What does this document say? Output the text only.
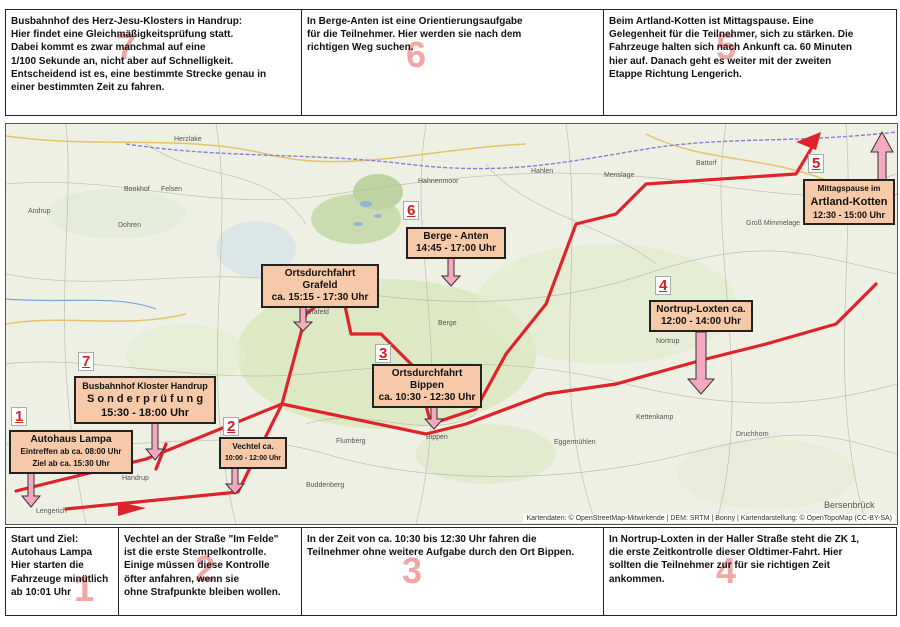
7
Busbahnhof des Herz-Jesu-Klosters in Handrup:
Hier findet eine Gleichmäßigkeitsprüfung statt.
Dabei kommt es zwar manchmal auf eine
1/100 Sekunde an, nicht aber auf Schnelligkeit.
Entscheidend ist es, eine bestimmte Strecke genau in
einer bestimmten Zeit zu fahren.
6
In Berge-Anten ist eine Orientierungsaufgabe
für die Teilnehmer. Hier werden sie nach dem
richtigen Weg suchen.	5
Beim Artland-Kotten ist Mittagspause. Eine
Gelegenheit für die Teilnehmer, sich zu stärken. Die
Fahrzeuge halten sich nach Ankunft ca. 60 Minuten
hier auf. Danach geht es weiter mit der zweiten
Etappe Richtung Lengerich.
Herzlake
Bookhof Felsen
Andrup
Dohren
Hahnenmoor
Hahlen
Menslage
Battorf
Groß Mimmelage
Grafeld
Berge
Nortrup
Kettenkamp
Druchhorn
Eggermühlen
Bersenbrück
Lengerich
Handrup
Buddenberg
Flumberg
Bippen
1
Autohaus Lampa
Eintreffen ab ca. 08:00 Uhr
Ziel ab ca. 15:30 Uhr
2
Vechtel ca.
10:00 - 12:00 Uhr
3
Ortsdurchfahrt
Bippen
ca. 10:30 - 12:30 Uhr
4
Nortrup-Loxten ca.
12:00 - 14:00 Uhr
5
Mittagspause im
Artland-Kotten
12:30 - 15:00 Uhr
6
Berge - Anten
14:45 - 17:00 Uhr
7
Busbahnhof Kloster Handrup
S o n d e r p r ü f u n g
15:30 - 18:00 Uhr
Ortsdurchfahrt Grafeld
ca. 15:15 - 17:30 Uhr
Kartendaten: © OpenStreetMap-Mitwirkende | DEM: SRTM | Bonny | Kartendarstellung: © OpenTopoMap (CC-BY-SA)
1
Start und Ziel:
Autohaus Lampa
Hier starten die
Fahrzeuge minütlich
ab 10:01 Uhr
2
Vechtel an der Straße "Im Felde"
ist die erste Stempelkontrolle.
Einige müssen diese Kontrolle
öfter anfahren, wenn sie
ohne Strafpunkte bleiben wollen.
3
In der Zeit von ca. 10:30 bis 12:30 Uhr fahren die
Teilnehmer ohne weitere Aufgabe durch den Ort Bippen.	4
In Nortrup-Loxten in der Haller Straße steht die ZK 1,
die erste Zeitkontrolle dieser Oldtimer-Fahrt. Hier
sollten die Teilnehmer zur für sie richtigen Zeit
ankommen.
